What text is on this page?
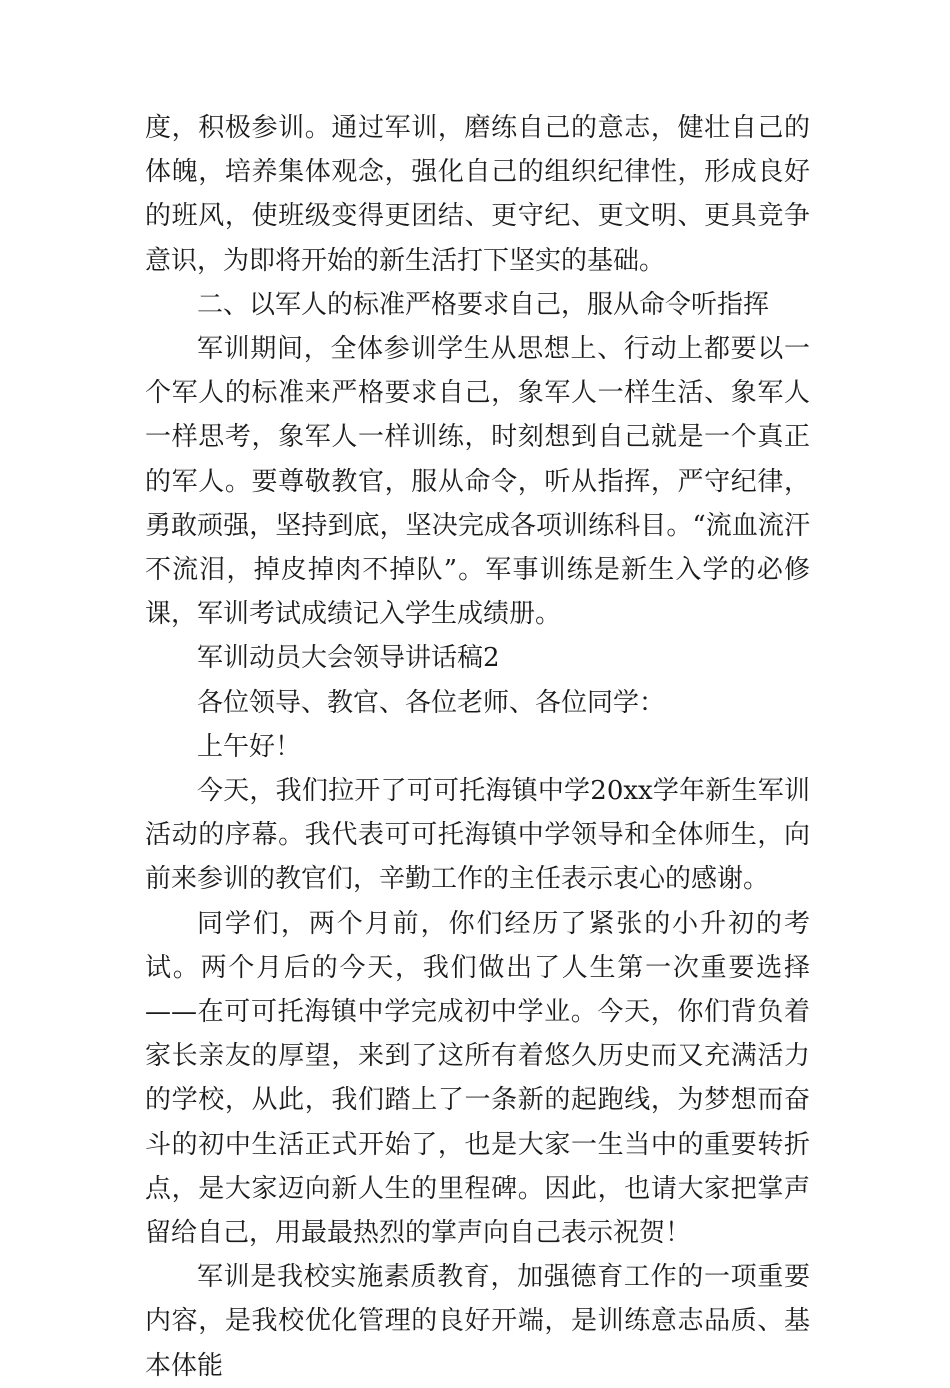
度，积极参训。通过军训，磨练自己的意志，健壮自己的体魄，培养集体观念，强化自己的组织纪律性，形成良好的班风，使班级变得更团结、更守纪、更文明、更具竞争意识，为即将开始的新生活打下坚实的基础。

二、以军人的标准严格要求自己，服从命令听指挥

军训期间，全体参训学生从思想上、行动上都要以一个军人的标准来严格要求自己，象军人一样生活、象军人一样思考，象军人一样训练，时刻想到自己就是一个真正的军人。要尊敬教官，服从命令，听从指挥，严守纪律，勇敢顽强，坚持到底，坚决完成各项训练科目。“流血流汗不流泪，掉皮掉肉不掉队”。军事训练是新生入学的必修课，军训考试成绩记入学生成绩册。

军训动员大会领导讲话稿2

各位领导、教官、各位老师、各位同学：

上午好！

今天，我们拉开了可可托海镇中学20xx学年新生军训活动的序幕。我代表可可托海镇中学领导和全体师生，向前来参训的教官们，辛勤工作的主任表示衷心的感谢。

同学们，两个月前，你们经历了紧张的小升初的考试。两个月后的今天，我们做出了人生第一次重要选择——在可可托海镇中学完成初中学业。今天，你们背负着家长亲友的厚望，来到了这所有着悠久历史而又充满活力的学校，从此，我们踏上了一条新的起跑线，为梦想而奋斗的初中生活正式开始了，也是大家一生当中的重要转折点，是大家迈向新人生的里程碑。因此，也请大家把掌声留给自己，用最最热烈的掌声向自己表示祝贺！

军训是我校实施素质教育，加强德育工作的一项重要内容，是我校优化管理的良好开端，是训练意志品质、基本体能
